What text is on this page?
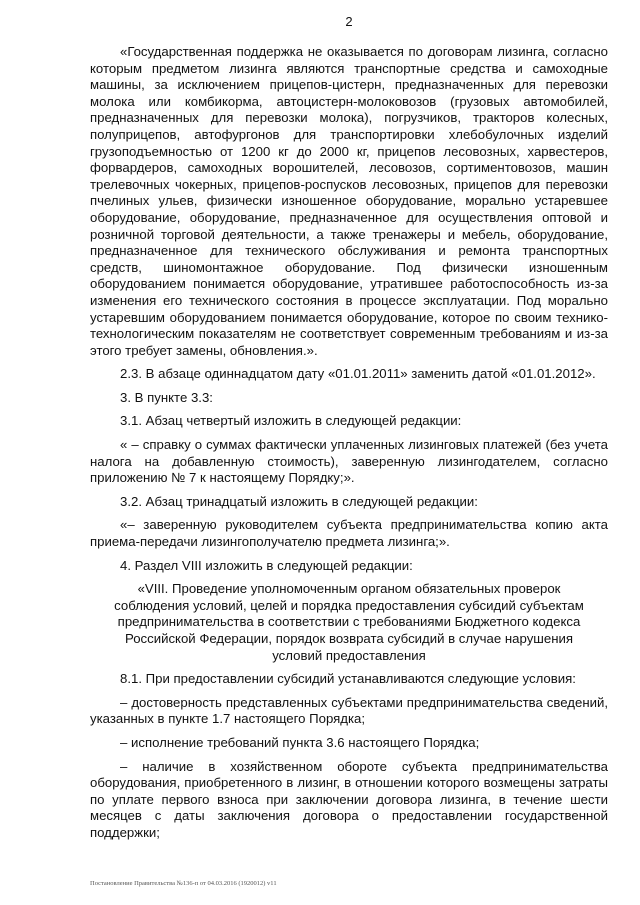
2

«Государственная поддержка не оказывается по договорам лизинга, согласно которым предметом лизинга являются транспортные средства и самоходные машины, за исключением прицепов-цистерн, предназначенных для перевозки молока или комбикорма, автоцистерн-молоковозов (грузовых автомобилей, предназначенных для перевозки молока), погрузчиков, тракторов колесных, полуприцепов, автофургонов для транспортировки хлебобулочных изделий грузоподъемностью от 1200 кг до 2000 кг, прицепов лесовозных, харвестеров, форвардеров, самоходных ворошителей, лесовозов, сортиментовозов, машин трелевочных чокерных, прицепов-роспусков лесовозных, прицепов для перевозки пчелиных ульев, физически изношенное оборудование, морально устаревшее оборудование, оборудование, предназначенное для осуществления оптовой и розничной торговой деятельности, а также тренажеры и мебель, оборудование, предназначенное для технического обслуживания и ремонта транспортных средств, шиномонтажное оборудование. Под физически изношенным оборудованием понимается оборудование, утратившее работоспособность из-за изменения его технического состояния в процессе эксплуатации. Под морально устаревшим оборудованием понимается оборудование, которое по своим технико-технологическим показателям не соответствует современным требованиям и из-за этого требует замены, обновления.».

2.3. В абзаце одиннадцатом дату «01.01.2011» заменить датой «01.01.2012».

3. В пункте 3.3:

3.1. Абзац четвертый изложить в следующей редакции:

« – справку о суммах фактически уплаченных лизинговых платежей (без учета налога на добавленную стоимость), заверенную лизингодателем, согласно приложению № 7 к настоящему Порядку;».

3.2. Абзац тринадцатый изложить в следующей редакции:

«– заверенную руководителем субъекта предпринимательства копию акта приема-передачи лизингополучателю предмета лизинга;».

4. Раздел VIII изложить в следующей редакции:

«VIII. Проведение уполномоченным органом обязательных проверок соблюдения условий, целей и порядка предоставления субсидий субъектам предпринимательства в соответствии с требованиями Бюджетного кодекса Российской Федерации, порядок возврата субсидий в случае нарушения условий предоставления

8.1. При предоставлении субсидий устанавливаются следующие условия:

– достоверность представленных субъектами предпринимательства сведений, указанных в пункте 1.7 настоящего Порядка;

– исполнение требований пункта 3.6 настоящего Порядка;

– наличие в хозяйственном обороте субъекта предпринимательства оборудования, приобретенного в лизинг, в отношении которого возмещены затраты по уплате первого взноса при заключении договора лизинга, в течение шести месяцев с даты заключения договора о предоставлении государственной поддержки;

Постановление Правительства №136-п от 04.03.2016 (1920012) v11
